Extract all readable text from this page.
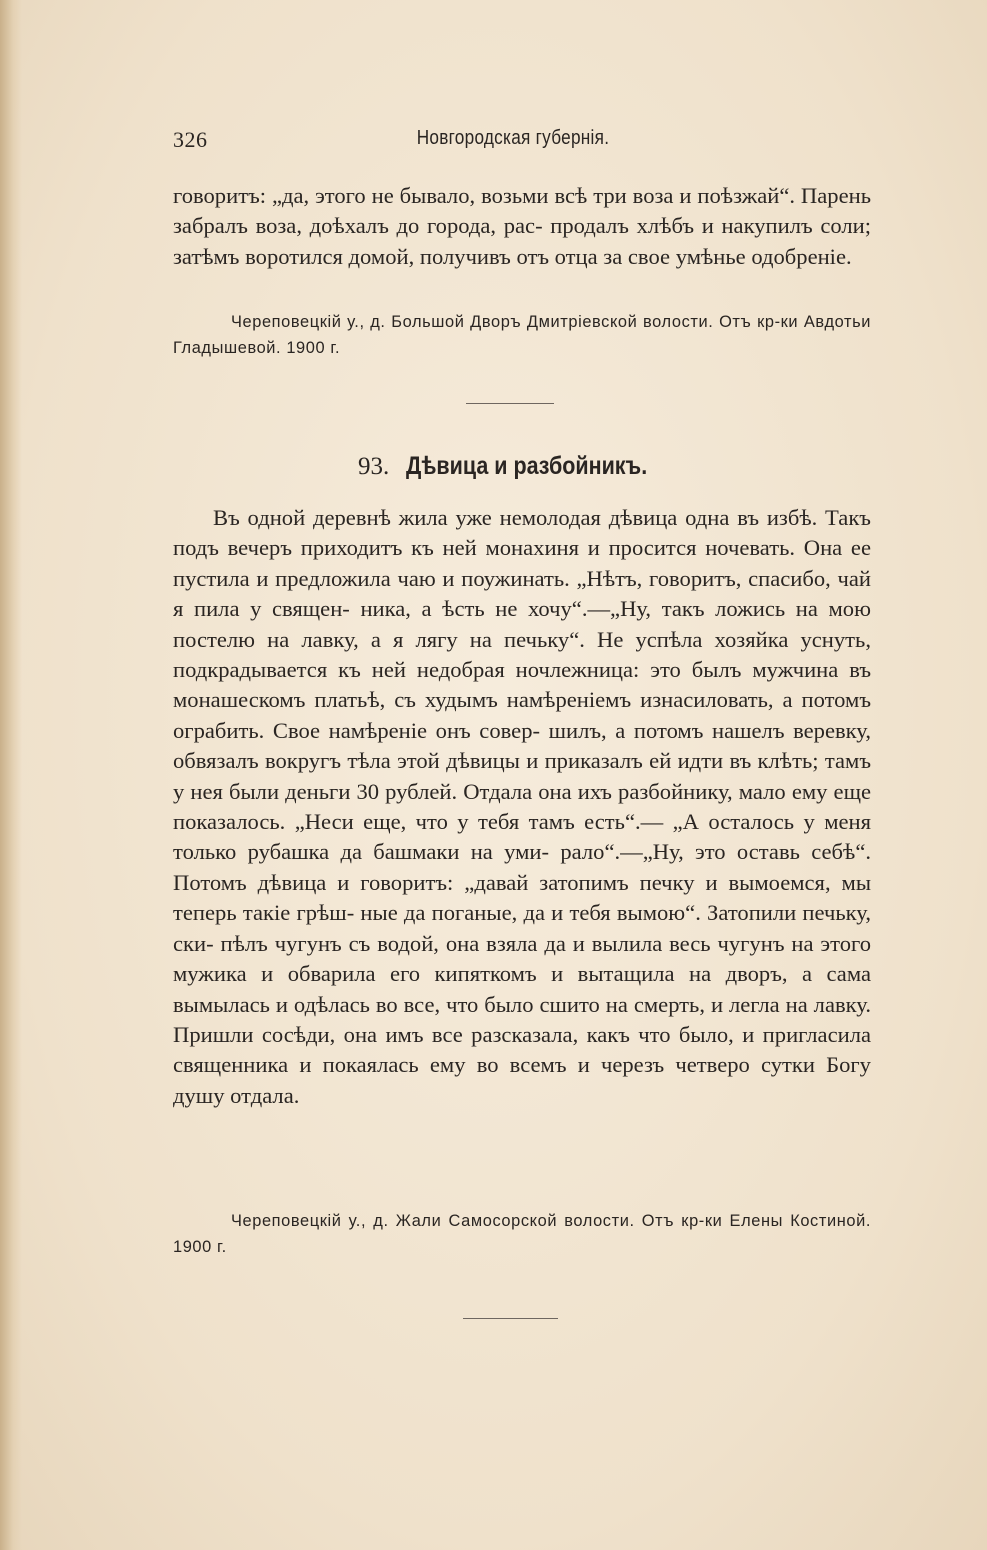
326	Новгородская губернія.

говоритъ: „да, этого не бывало, возьми всѣ три воза и поѣзжай“. Парень забралъ воза, доѣхалъ до города, рас- продалъ хлѣбъ и накупилъ соли; затѣмъ воротился домой, получивъ отъ отца за свое умѣнье одобреніе.

Череповецкій у., д. Большой Дворъ Дмитріевской волости. Отъ кр-ки Авдотьи Гладышевой. 1900 г.

93. Дѣвица и разбойникъ.

Въ одной деревнѣ жила уже немолодая дѣвица одна въ избѣ. Такъ подъ вечеръ приходитъ къ ней монахиня и просится ночевать. Она ее пустила и предложила чаю и поужинать. „Нѣтъ, говоритъ, спасибо, чай я пила у священ- ника, а ѣсть не хочу“.—„Ну, такъ ложись на мою постелю на лавку, а я лягу на печьку“. Не успѣла хозяйка уснуть, подкрадывается къ ней недобрая ночлежница: это былъ мужчина въ монашескомъ платьѣ, съ худымъ намѣреніемъ изнасиловать, а потомъ ограбить. Свое намѣреніе онъ совер- шилъ, а потомъ нашелъ веревку, обвязалъ вокругъ тѣла этой дѣвицы и приказалъ ей идти въ клѣть; тамъ у нея были деньги 30 рублей. Отдала она ихъ разбойнику, мало ему еще показалось. „Неси еще, что у тебя тамъ есть“.— „А осталось у меня только рубашка да башмаки на уми- рало“.—„Ну, это оставь себѣ“. Потомъ дѣвица и говоритъ: „давай затопимъ печку и вымоемся, мы теперь такіе грѣш- ные да поганые, да и тебя вымою“. Затопили печьку, ски- пѣлъ чугунъ съ водой, она взяла да и вылила весь чугунъ на этого мужика и обварила его кипяткомъ и вытащила на дворъ, а сама вымылась и одѣлась во все, что было сшито на смерть, и легла на лавку. Пришли сосѣди, она имъ все разсказала, какъ что было, и пригласила священника и покаялась ему во всемъ и черезъ четверо сутки Богу душу отдала.

Череповецкій у., д. Жали Самосорской волости. Отъ кр-ки Елены Костиной. 1900 г.
